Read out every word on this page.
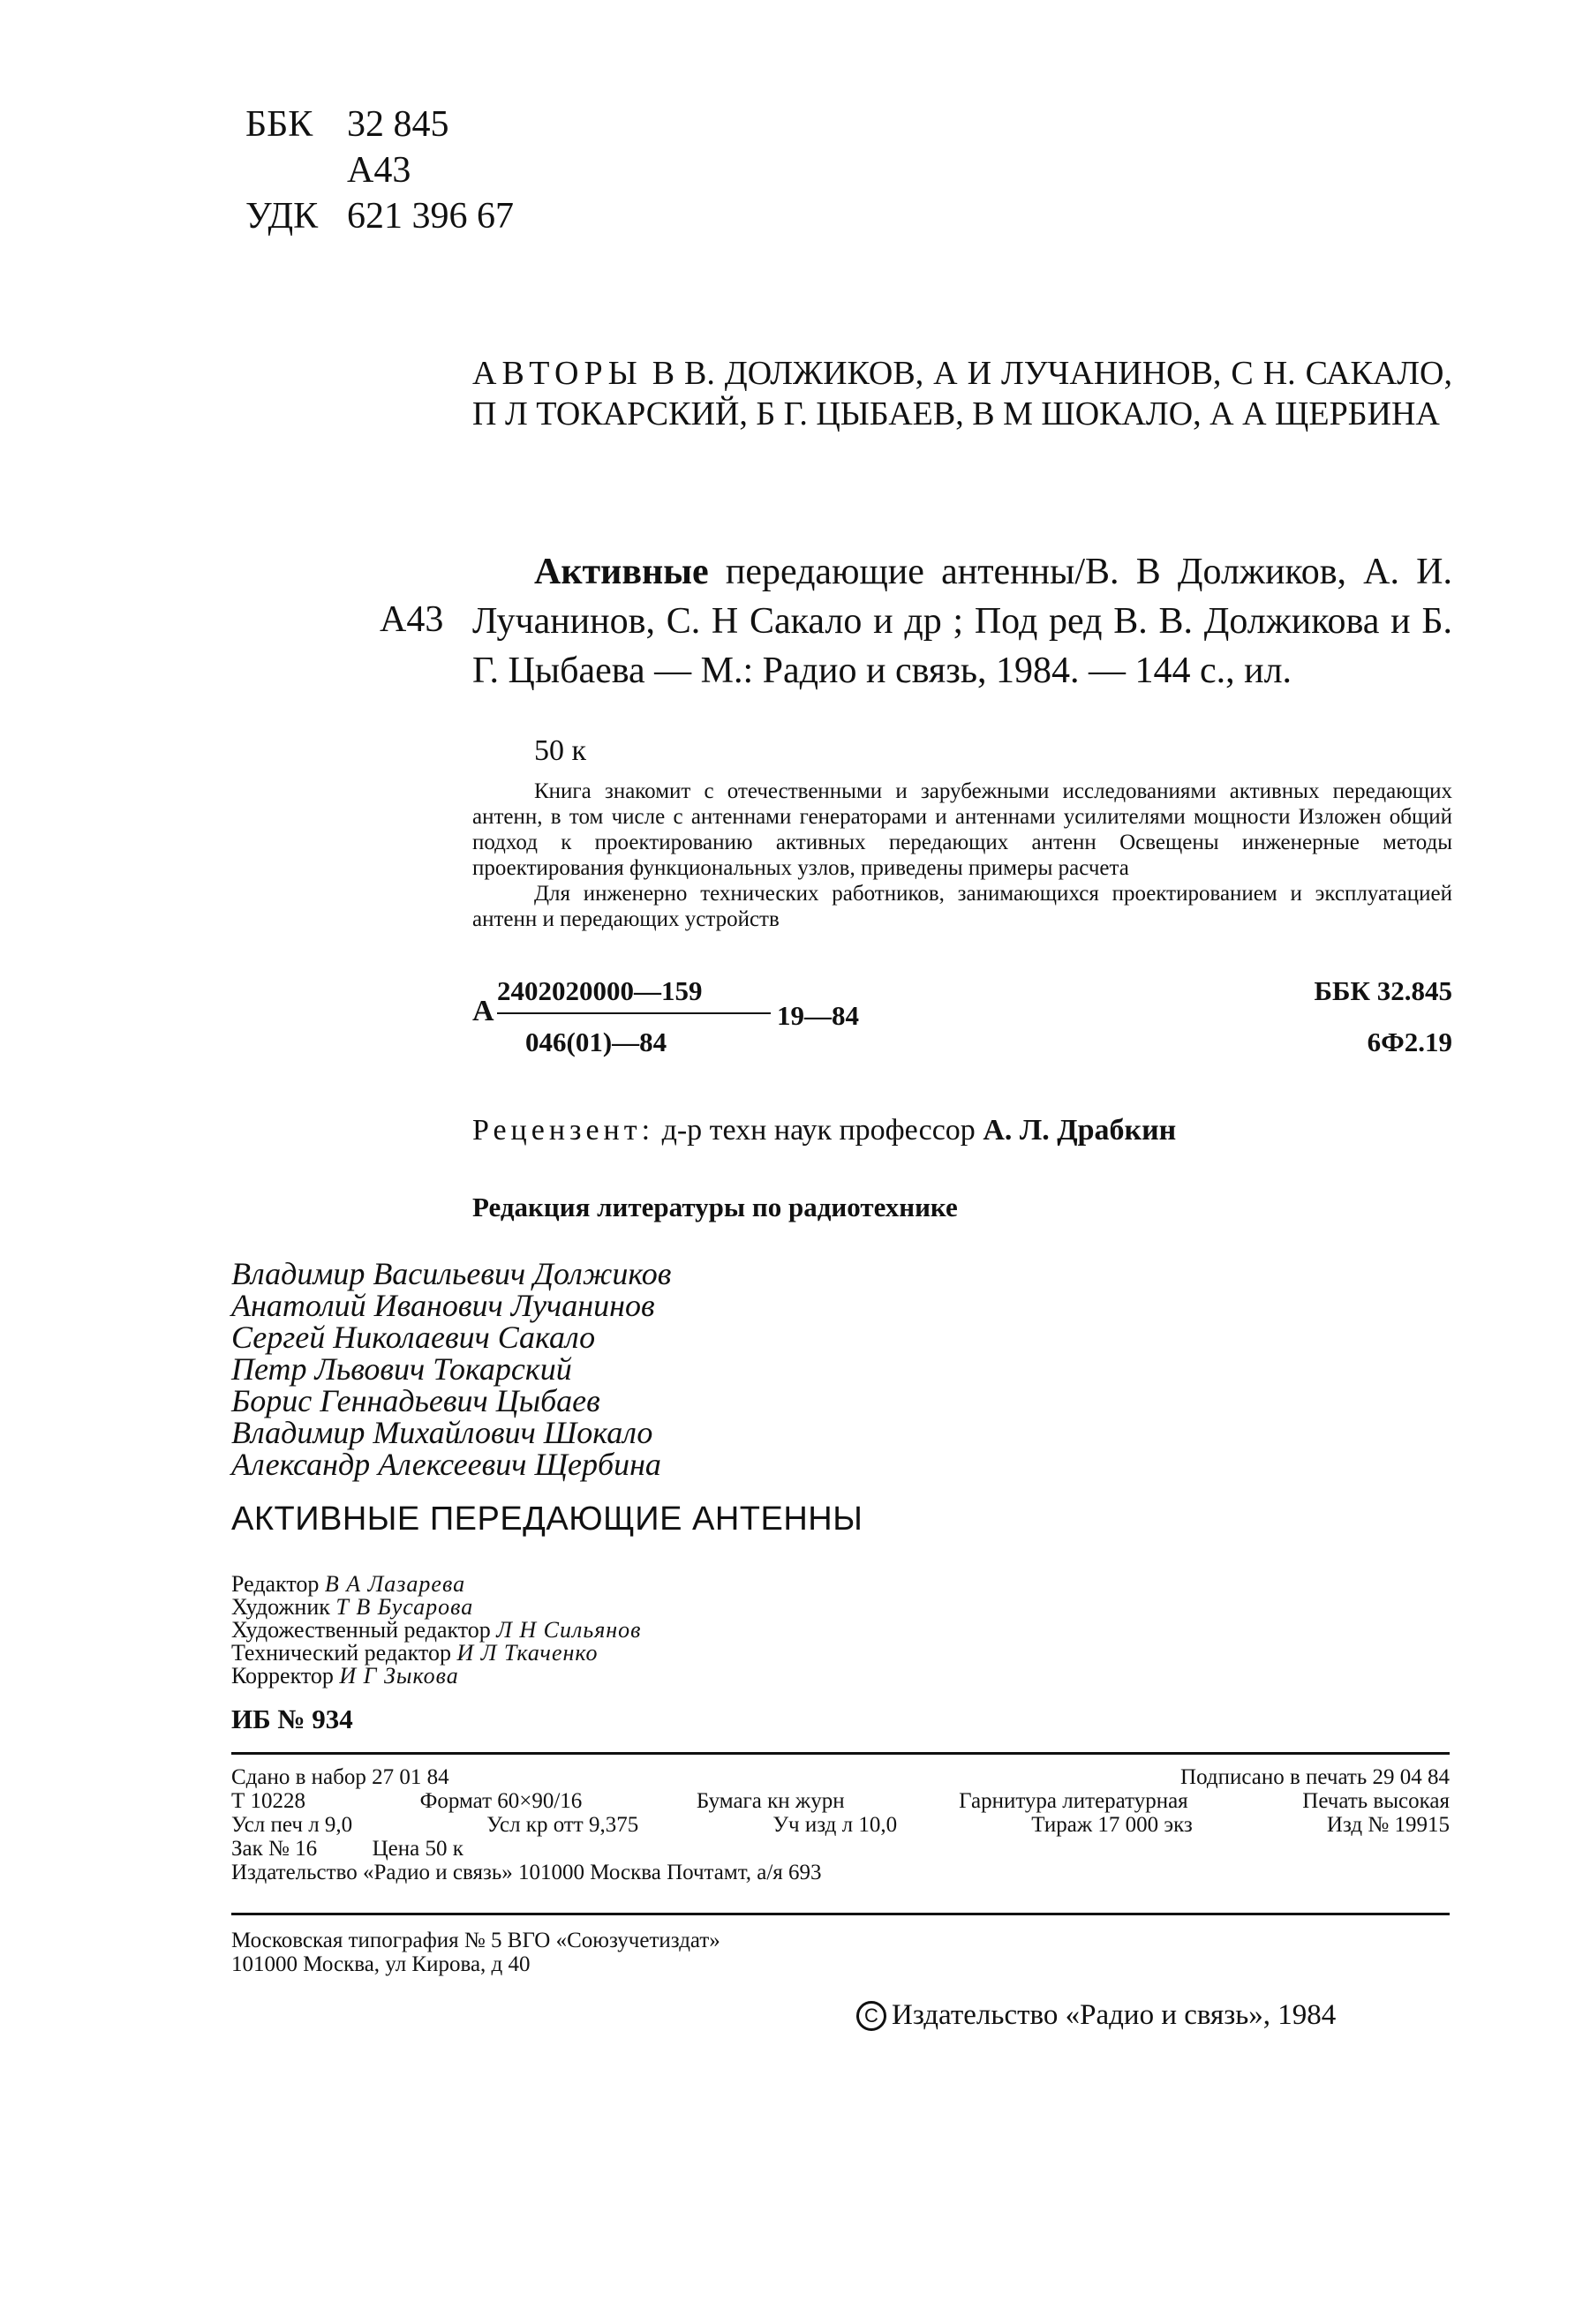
ББК 32 845
А43
УДК 621 396 67
АВТОРЫ В В. ДОЛЖИКОВ, А И ЛУЧАНИНОВ, С Н. САКАЛО, П Л ТОКАРСКИЙ, Б Г. ЦЫБАЕВ, В М ШОКАЛО, А А ЩЕРБИНА
А43
Активные передающие антенны/В. В Должиков, А. И. Лучанинов, С. Н Сакало и др ; Под ред В. В. Должикова и Б. Г. Цыбаева — М.: Радио и связь, 1984. — 144 с., ил.
50 к

Книга знакомит с отечественными и зарубежными исследованиями активных передающих антенн, в том числе с антеннами генераторами и антеннами усилителями мощности Изложен общий подход к проектированию активных передающих антенн Освещены инженерные методы проектирования функциональных узлов, приведены примеры расчета

Для инженерно технических работников, занимающихся проектированием и эксплуатацией антенн и передающих устройств

А
2402020000—159
046(01)—84
19—84
ББК 32.845
6Ф2.19
Рецензент: д-р техн наук профессор А. Л. Драбкин
Редакция литературы по радиотехнике
Владимир Васильевич Должиков
Анатолий Иванович Лучанинов
Сергей Николаевич Сакало
Петр Львович Токарский
Борис Геннадьевич Цыбаев
Владимир Михайлович Шокало
Александр Алексеевич Щербина
АКТИВНЫЕ ПЕРЕДАЮЩИЕ АНТЕННЫ
Редактор В А Лазарева
Художник Т В Бусарова
Художественный редактор Л Н Сильянов
Технический редактор И Л Ткаченко
Корректор И Г Зыкова
ИБ № 934
Сдано в набор 27 01 84	Подписано в печать 29 04 84
Т 10228	Формат 60×90/16	Бумага кн журн	Гарнитура литературная	Печать высокая
Усл печ л 9,0	Усл кр отт 9,375	Уч изд л 10,0	Тираж 17 000 экз	Изд № 19915
Зак № 16          Цена 50 к
Издательство «Радио и связь» 101000 Москва Почтамт, а/я 693
Московская типография № 5 ВГО «Союзучетиздат»
101000 Москва, ул Кирова, д 40
C Издательство «Радио и связь», 1984
